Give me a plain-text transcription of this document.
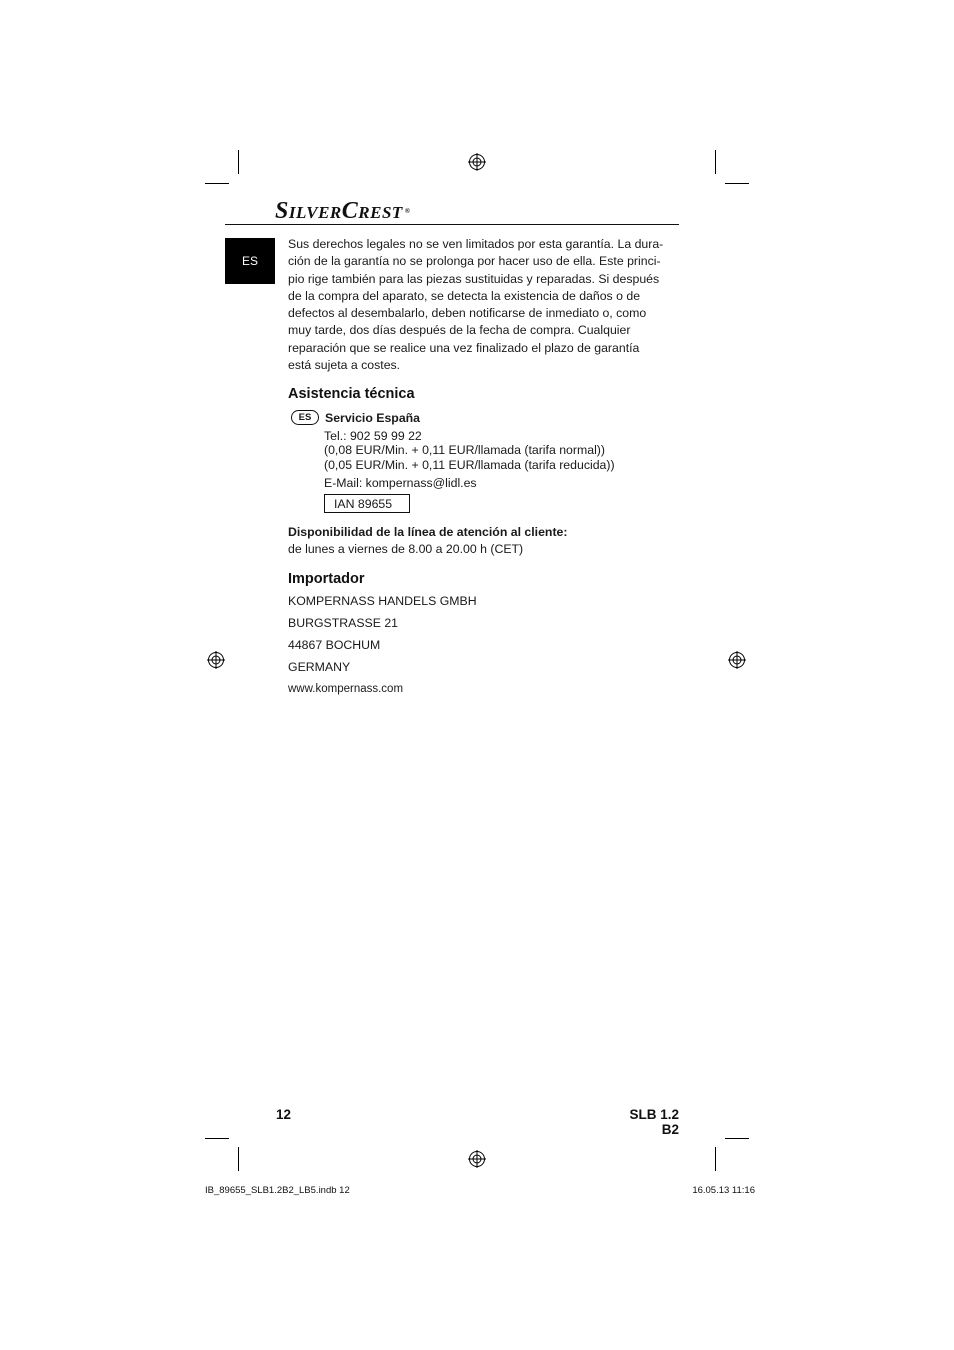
SILVERCREST ®
ES
Sus derechos legales no se ven limitados por esta garantía. La dura-
ción de la garantía no se prolonga por hacer uso de ella. Este princi-
pio rige también para las piezas sustituidas y reparadas. Si después
de la compra del aparato, se detecta la existencia de daños o de
defectos al desembalarlo, deben notificarse de inmediato o, como
muy tarde, dos días después de la fecha de compra. Cualquier
reparación que se realice una vez finalizado el plazo de garantía
está sujeta a costes.
Asistencia técnica
ES	Servicio España
Tel.: 902 59 99 22
(0,08 EUR/Min. + 0,11 EUR/llamada (tarifa normal))
(0,05 EUR/Min. + 0,11 EUR/llamada (tarifa reducida))
E-Mail: kompernass@lidl.es
IAN 89655
Disponibilidad de la línea de atención al cliente:
de lunes a viernes de 8.00 a 20.00 h (CET)
Importador
KOMPERNASS HANDELS GMBH
BURGSTRASSE 21
44867 BOCHUM
GERMANY
www.kompernass.com
12	SLB 1.2 B2
IB_89655_SLB1.2B2_LB5.indb 12	16.05.13 11:16
